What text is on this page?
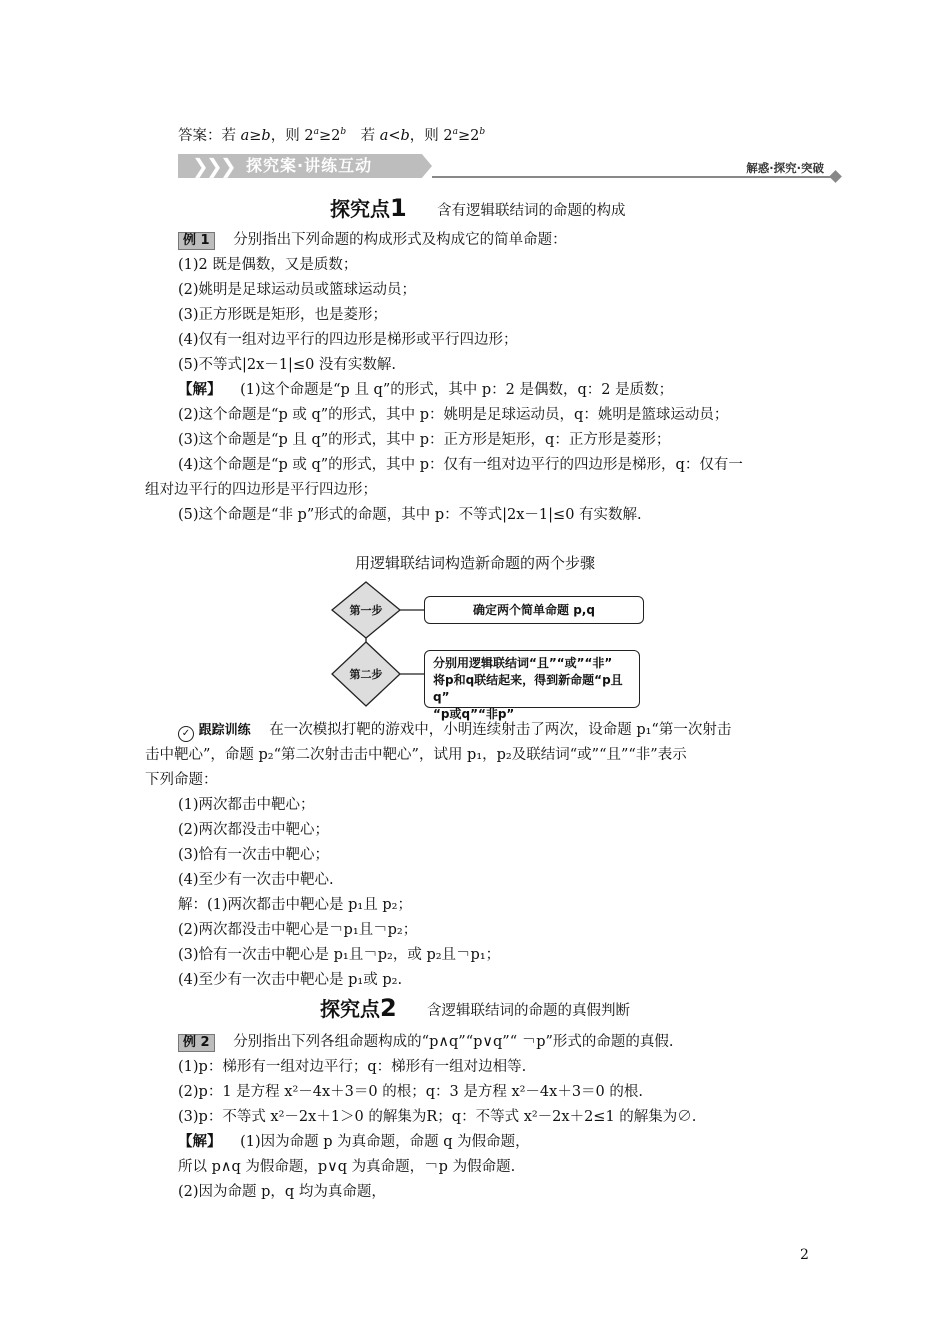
答案：若 a≥b，则 $2^a\ge 2^b$　若 a<b，则 $2^a\ge 2^b$
❯
❯
❯ 探究案·讲练互动	解惑·探究·突破
探究点1 含有逻辑联结词的命题的构成
例 1 分别指出下列命题的构成形式及构成它的简单命题：
(1)2 既是偶数，又是质数；
(2)姚明是足球运动员或篮球运动员；
(3)正方形既是矩形，也是菱形；
(4)仅有一组对边平行的四边形是梯形或平行四边形；
(5)不等式|2x－1|≤0 没有实数解.
【解】 (1)这个命题是“p 且 q”的形式，其中 p：2 是偶数，q：2 是质数；
(2)这个命题是“p 或 q”的形式，其中 p：姚明是足球运动员，q：姚明是篮球运动员；
(3)这个命题是“p 且 q”的形式，其中 p：正方形是矩形，q：正方形是菱形；
(4)这个命题是“p 或 q”的形式，其中 p：仅有一组对边平行的四边形是梯形，q：仅有一
组对边平行的四边形是平行四边形；
(5)这个命题是“非 p”形式的命题，其中 p：不等式|2x－1|≤0 有实数解.
用逻辑联结词构造新命题的两个步骤
第一步
第二步
确定两个简单命题 p,q
分别用逻辑联结词“且”“或”“非”
将p和q联结起来，得到新命题“p且q”
“p或q”“非p”
✓ 跟踪训练 在一次模拟打靶的游戏中，小明连续射击了两次，设命题 p₁“第一次射击
击中靶心”，命题 p₂“第二次射击击中靶心”，试用 p₁，p₂及联结词“或”“且”“非”表示
下列命题：
(1)两次都击中靶心；
(2)两次都没击中靶心；
(3)恰有一次击中靶心；
(4)至少有一次击中靶心.
解：(1)两次都击中靶心是 p₁且 p₂；
(2)两次都没击中靶心是￢p₁且￢p₂；
(3)恰有一次击中靶心是 p₁且￢p₂，或 p₂且￢p₁；
(4)至少有一次击中靶心是 p₁或 p₂.
探究点2 含逻辑联结词的命题的真假判断
例 2 分别指出下列各组命题构成的“p∧q”“p∨q”“ ￢p”形式的命题的真假.
(1)p：梯形有一组对边平行；q：梯形有一组对边相等.
(2)p：1 是方程 x²－4x＋3＝0 的根；q：3 是方程 x²－4x＋3＝0 的根.
(3)p：不等式 x²－2x＋1＞0 的解集为R；q：不等式 x²－2x＋2≤1 的解集为∅.
【解】 (1)因为命题 p 为真命题，命题 q 为假命题，
所以 p∧q 为假命题，p∨q 为真命题，￢p 为假命题.
(2)因为命题 p，q 均为真命题，
2
